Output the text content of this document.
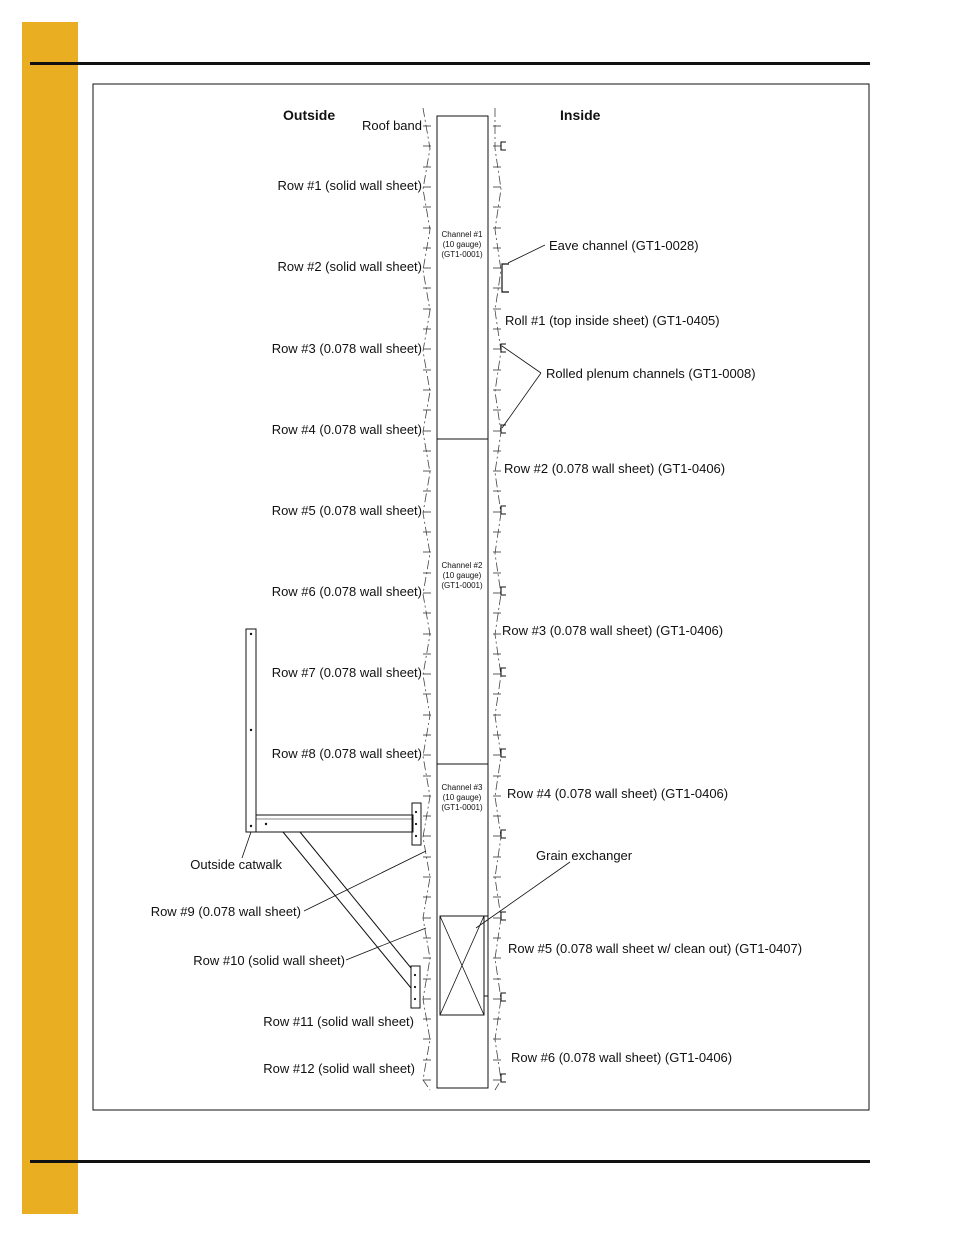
Outside	Inside
Roof band
Row #1 (solid wall sheet)
Row #2 (solid wall sheet)
Row #3 (0.078 wall sheet)
Row #4 (0.078 wall sheet)
Row #5 (0.078 wall sheet)
Row #6 (0.078 wall sheet)
Row #7 (0.078 wall sheet)
Row #8 (0.078 wall sheet)
Outside catwalk
Row #9 (0.078 wall sheet)
Row #10 (solid wall sheet)
Row #11 (solid wall sheet)
Row #12 (solid wall sheet)
Channel #1
(10 gauge)
(GT1-0001)
Channel #2
(10 gauge)
(GT1-0001)
Channel #3
(10 gauge)
(GT1-0001)
Eave channel (GT1-0028)
Roll #1 (top inside sheet) (GT1-0405)
Rolled plenum channels (GT1-0008)
Row #2 (0.078 wall sheet) (GT1-0406)
Row #3 (0.078 wall sheet) (GT1-0406)
Row #4 (0.078 wall sheet) (GT1-0406)
Grain exchanger
Row #5 (0.078 wall sheet w/ clean out) (GT1-0407)
Row #6 (0.078 wall sheet) (GT1-0406)
